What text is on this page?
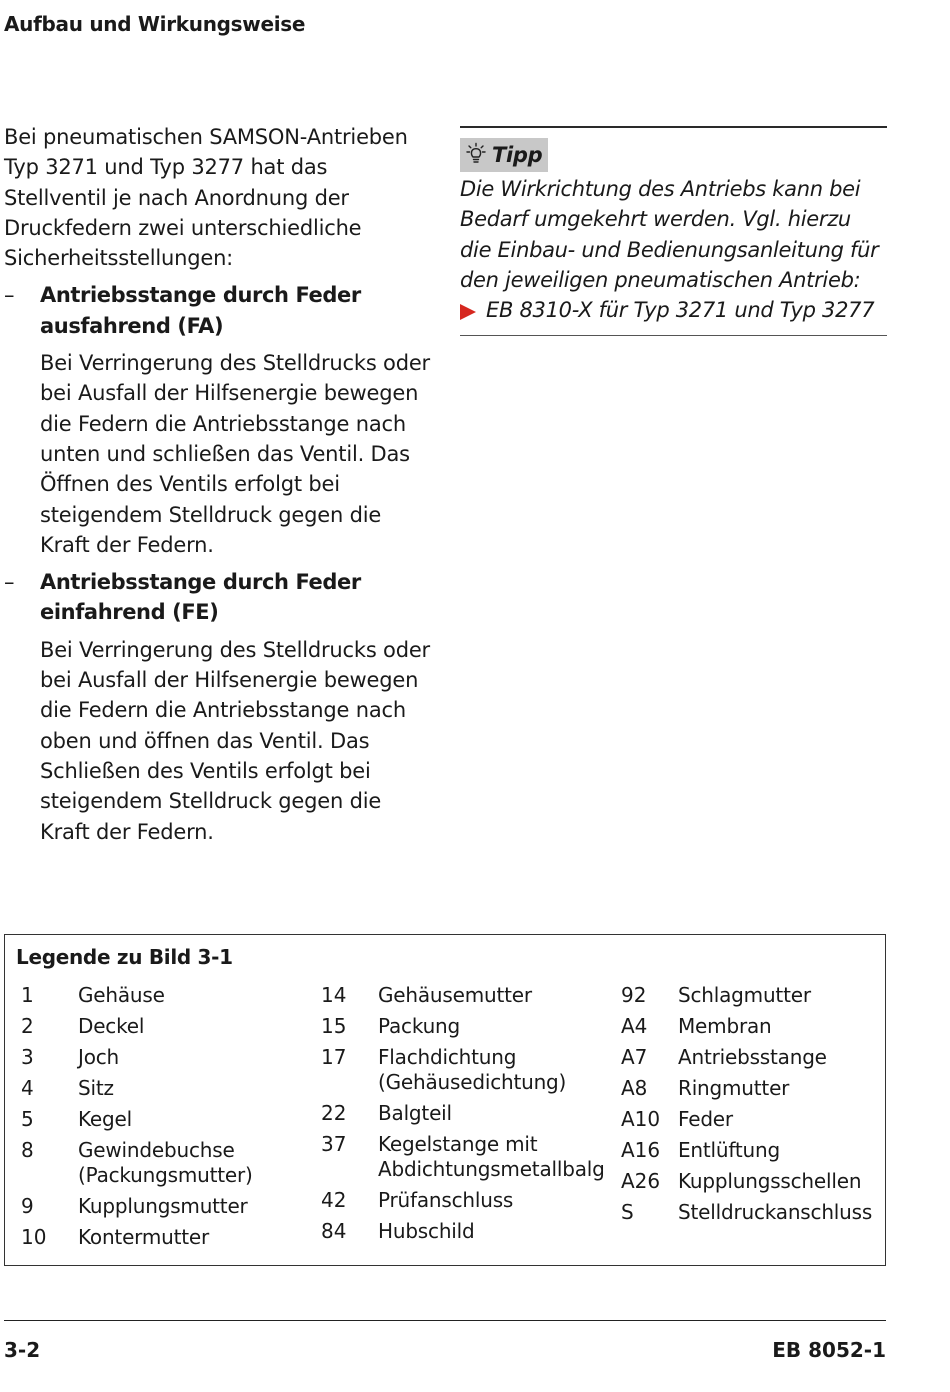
Aufbau und Wirkungsweise

Bei pneumatischen SAMSON-Antrieben Typ 3271 und Typ 3277 hat das Stellventil je nach Anordnung der Druckfedern zwei unterschiedliche Sicherheitsstellungen:

– Antriebsstange durch Feder ausfahrend (FA)
Bei Verringerung des Stelldrucks oder bei Ausfall der Hilfsenergie bewegen die Federn die Antriebsstange nach unten und schließen das Ventil. Das Öffnen des Ventils erfolgt bei steigendem Stelldruck gegen die Kraft der Federn.
– Antriebsstange durch Feder einfahrend (FE)
Bei Verringerung des Stelldrucks oder bei Ausfall der Hilfsenergie bewegen die Federn die Antriebsstange nach oben und öffnen das Ventil. Das Schließen des Ventils erfolgt bei steigendem Stelldruck gegen die Kraft der Federn.
Tipp
Die Wirkrichtung des Antriebs kann bei Bedarf umgekehrt werden. Vgl. hierzu die Einbau- und Bedienungsanleitung für den jeweiligen pneumatischen Antrieb:
EB 8310-X für Typ 3271 und Typ 3277
Legende zu Bild 3-1
1	Gehäuse
2	Deckel
3	Joch
4	Sitz
5	Kegel
8	Gewindebuchse (Packungsmutter)
9	Kupplungsmutter
10	Kontermutter
14	Gehäusemutter
15	Packung
17	Flachdichtung (Gehäusedichtung)
22	Balgteil
37	Kegelstange mit Abdichtungsmetallbalg
42	Prüfanschluss
84	Hubschild
92	Schlagmutter
A4	Membran
A7	Antriebsstange
A8	Ringmutter
A10 Feder
A16 Entlüftung
A26 Kupplungsschellen
S	Stelldruckanschluss
3-2	EB 8052-1
